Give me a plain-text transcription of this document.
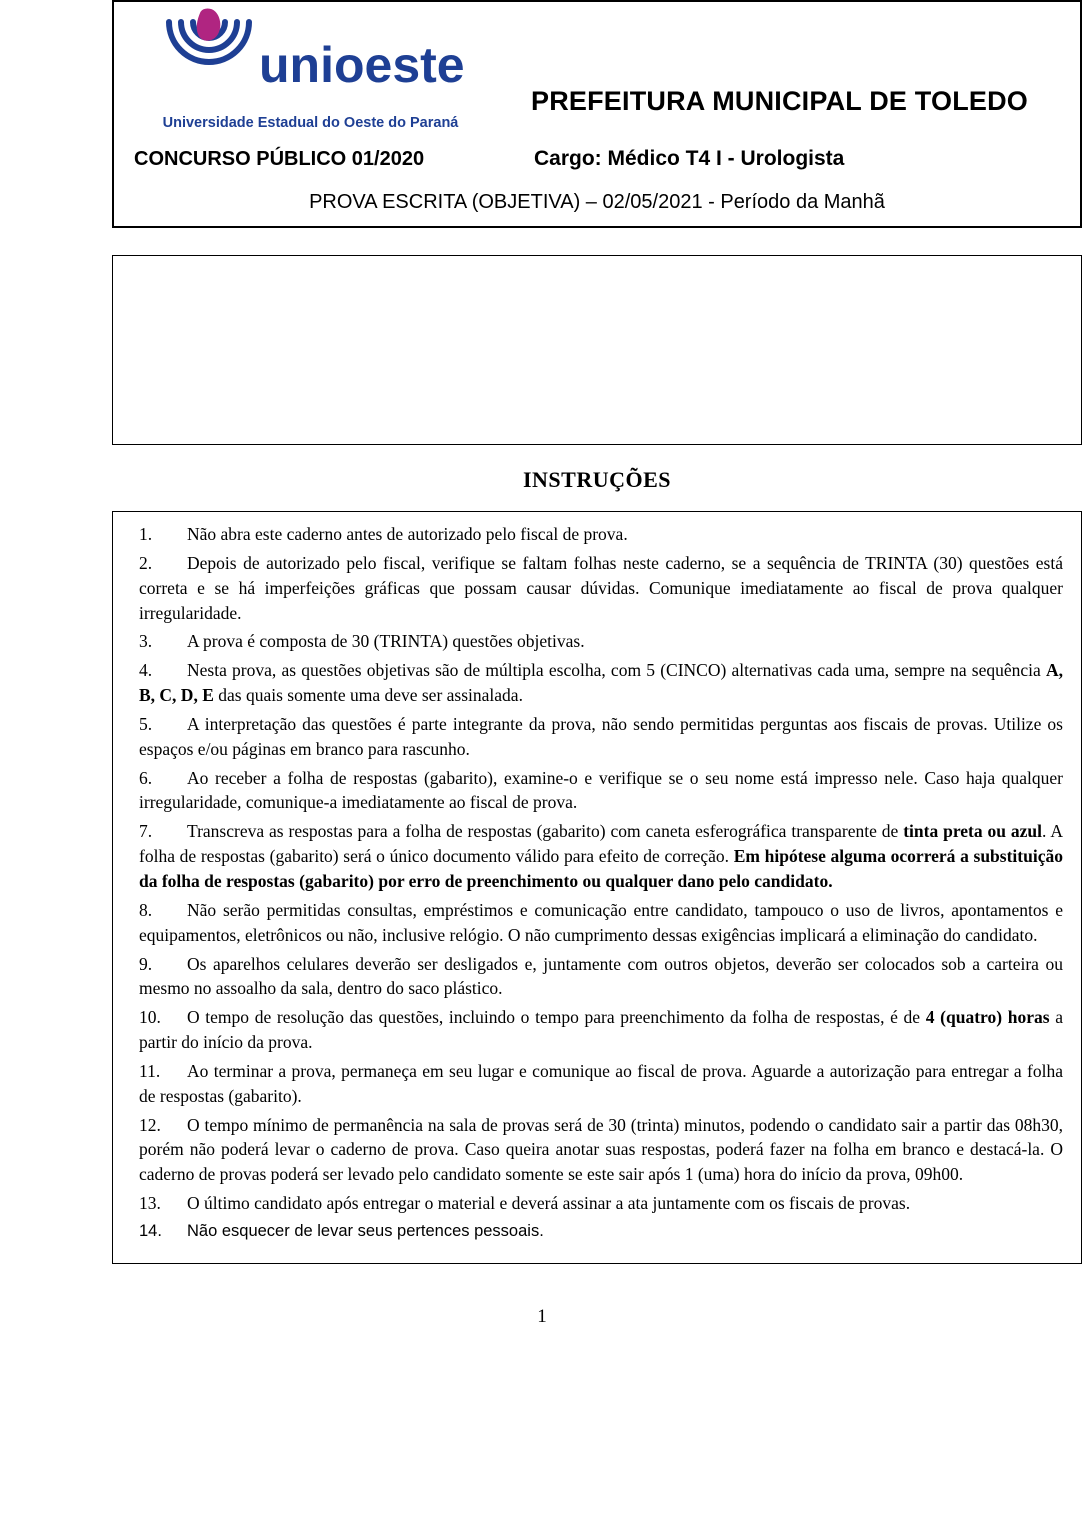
unioeste
Universidade Estadual do Oeste do Paraná
PREFEITURA MUNICIPAL DE TOLEDO
CONCURSO PÚBLICO 01/2020	Cargo: Médico T4 I - Urologista
PROVA ESCRITA (OBJETIVA) – 02/05/2021 - Período da Manhã
INSTRUÇÕES

1. Não abra este caderno antes de autorizado pelo fiscal de prova.

2. Depois de autorizado pelo fiscal, verifique se faltam folhas neste caderno, se a sequência de TRINTA (30) questões está correta e se há imperfeições gráficas que possam causar dúvidas. Comunique imediatamente ao fiscal de prova qualquer irregularidade.

3. A prova é composta de 30 (TRINTA) questões objetivas.

4. Nesta prova, as questões objetivas são de múltipla escolha, com 5 (CINCO) alternativas cada uma, sempre na sequência A, B, C, D, E das quais somente uma deve ser assinalada.

5. A interpretação das questões é parte integrante da prova, não sendo permitidas perguntas aos fiscais de provas. Utilize os espaços e/ou páginas em branco para rascunho.

6. Ao receber a folha de respostas (gabarito), examine-o e verifique se o seu nome está impresso nele. Caso haja qualquer irregularidade, comunique-a imediatamente ao fiscal de prova.

7. Transcreva as respostas para a folha de respostas (gabarito) com caneta esferográfica transparente de tinta preta ou azul. A folha de respostas (gabarito) será o único documento válido para efeito de correção. Em hipótese alguma ocorrerá a substituição da folha de respostas (gabarito) por erro de preenchimento ou qualquer dano pelo candidato.

8. Não serão permitidas consultas, empréstimos e comunicação entre candidato, tampouco o uso de livros, apontamentos e equipamentos, eletrônicos ou não, inclusive relógio. O não cumprimento dessas exigências implicará a eliminação do candidato.

9. Os aparelhos celulares deverão ser desligados e, juntamente com outros objetos, deverão ser colocados sob a carteira ou mesmo no assoalho da sala, dentro do saco plástico.

10. O tempo de resolução das questões, incluindo o tempo para preenchimento da folha de respostas, é de 4 (quatro) horas a partir do início da prova.

11. Ao terminar a prova, permaneça em seu lugar e comunique ao fiscal de prova. Aguarde a autorização para entregar a folha de respostas (gabarito).

12. O tempo mínimo de permanência na sala de provas será de 30 (trinta) minutos, podendo o candidato sair a partir das 08h30, porém não poderá levar o caderno de prova. Caso queira anotar suas respostas, poderá fazer na folha em branco e destacá-la. O caderno de provas poderá ser levado pelo candidato somente se este sair após 1 (uma) hora do início da prova, 09h00.

13. O último candidato após entregar o material e deverá assinar a ata juntamente com os fiscais de provas.

14. Não esquecer de levar seus pertences pessoais.

1
